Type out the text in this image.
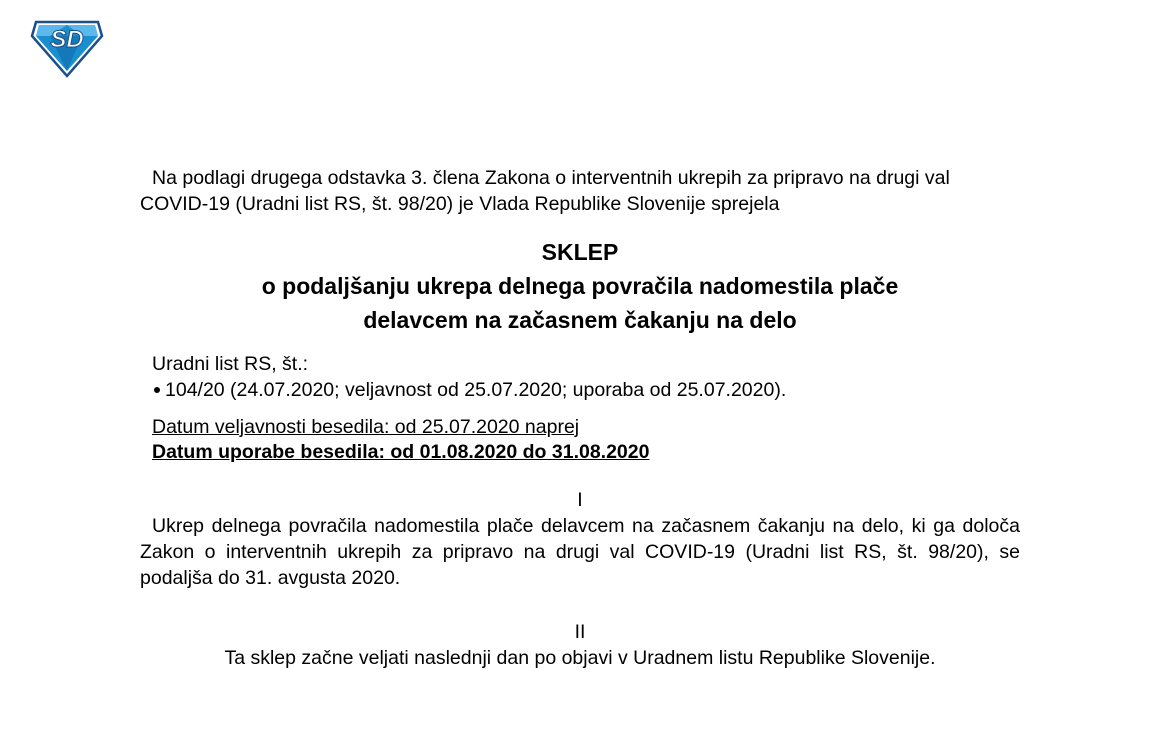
SD

Na podlagi drugega odstavka 3. člena Zakona o interventnih ukrepih za pripravo na drugi val COVID-19 (Uradni list RS, št. 98/20) je Vlada Republike Slovenije sprejela

SKLEP
o podaljšanju ukrepa delnega povračila nadomestila plače
delavcem na začasnem čakanju na delo
Uradni list RS, št.:
104/20 (24.07.2020; veljavnost od 25.07.2020; uporaba od 25.07.2020).
Datum veljavnosti besedila: od 25.07.2020 naprej
Datum uporabe besedila: od 01.08.2020 do 31.08.2020
I

Ukrep delnega povračila nadomestila plače delavcem na začasnem čakanju na delo, ki ga določa Zakon o interventnih ukrepih za pripravo na drugi val COVID-19 (Uradni list RS, št. 98/20), se podaljša do 31. avgusta 2020.

II

Ta sklep začne veljati naslednji dan po objavi v Uradnem listu Republike Slovenije.
